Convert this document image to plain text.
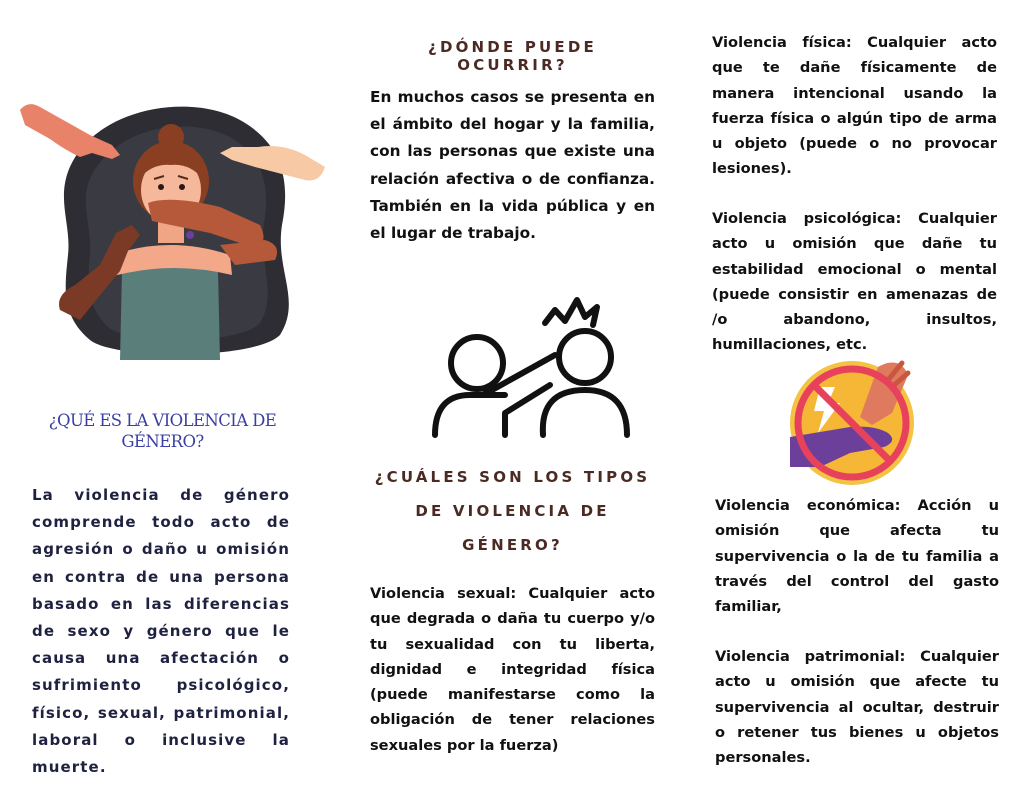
¿QUÉ ES LA VIOLENCIA DE GÉNERO?
La violencia de género comprende todo acto de agresión o daño u omisión en contra de una persona basado en las diferencias de sexo y género que le causa una afectación o sufrimiento psicológico, físico, sexual, patrimonial, laboral o inclusive la muerte.
¿DÓNDE PUEDE OCURRIR?
En muchos casos se presenta en el ámbito del hogar y la familia, con las personas que existe una relación afectiva o de confianza. También en la vida pública y en el lugar de trabajo.
¿CUÁLES SON LOS TIPOS
DE VIOLENCIA DE
GÉNERO?
Violencia sexual: Cualquier acto que degrada o daña tu cuerpo y/o tu sexualidad con tu liberta, dignidad e integridad física (puede manifestarse como la obligación de tener relaciones sexuales por la fuerza)
Violencia física: Cualquier acto que te dañe físicamente de manera intencional usando la fuerza física o algún tipo de arma u objeto (puede o no provocar lesiones).
Violencia psicológica: Cualquier acto u omisión que dañe tu estabilidad emocional o mental (puede consistir en amenazas de /o abandono, insultos, humillaciones, etc.
Violencia económica: Acción u omisión que afecta tu supervivencia o la de tu familia a través del control del gasto familiar,
Violencia patrimonial: Cualquier acto u omisión que afecte tu supervivencia al ocultar, destruir o retener tus bienes u objetos personales.
